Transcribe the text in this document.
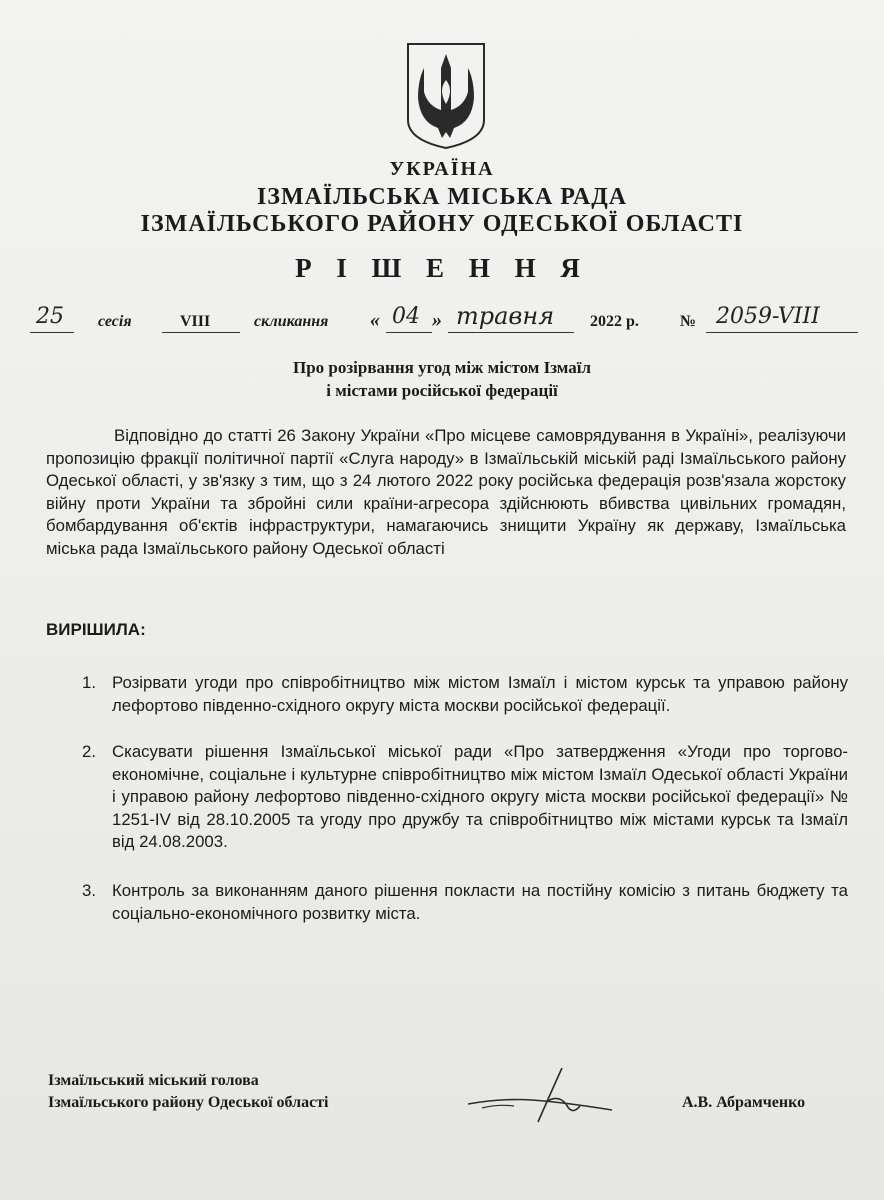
УКРАЇНА
ІЗМАЇЛЬСЬКА МІСЬКА РАДА
ІЗМАЇЛЬСЬКОГО РАЙОНУ ОДЕСЬКОЇ ОБЛАСТІ
Р І Ш Е Н Н Я
25 сесія	VIII	скликання « 04 » травня 2022 р.	№ 2059-VIII
Про розірвання угод між містом Ізмаїл
і містами російської федерації
Відповідно до статті 26 Закону України «Про місцеве самоврядування в Україні», реалізуючи пропозицію фракції політичної партії «Слуга народу» в Ізмаїльській міській раді Ізмаїльського району Одеської області, у зв'язку з тим, що з 24 лютого 2022 року російська федерація розв'язала жорстоку війну проти України та збройні сили країни-агресора здійснюють вбивства цивільних громадян, бомбардування об'єктів інфраструктури, намагаючись знищити Україну як державу, Ізмаїльська міська рада Ізмаїльського району Одеської області
ВИРІШИЛА:
1. Розірвати угоди про співробітництво між містом Ізмаїл і містом курськ та управою району лефортово південно-східного округу міста москви російської федерації.
2. Скасувати рішення Ізмаїльської міської ради «Про затвердження «Угоди про торгово-економічне, соціальне і культурне співробітництво між містом Ізмаїл Одеської області України і управою району лефортово південно-східного округу міста москви російської федерації» № 1251-IV від 28.10.2005 та угоду про дружбу та співробітництво між містами курськ та Ізмаїл від 24.08.2003.
3. Контроль за виконанням даного рішення покласти на постійну комісію з питань бюджету та соціально-економічного розвитку міста.
Ізмаїльський міський голова
Ізмаїльського району Одеської області	А.В. Абрамченко
